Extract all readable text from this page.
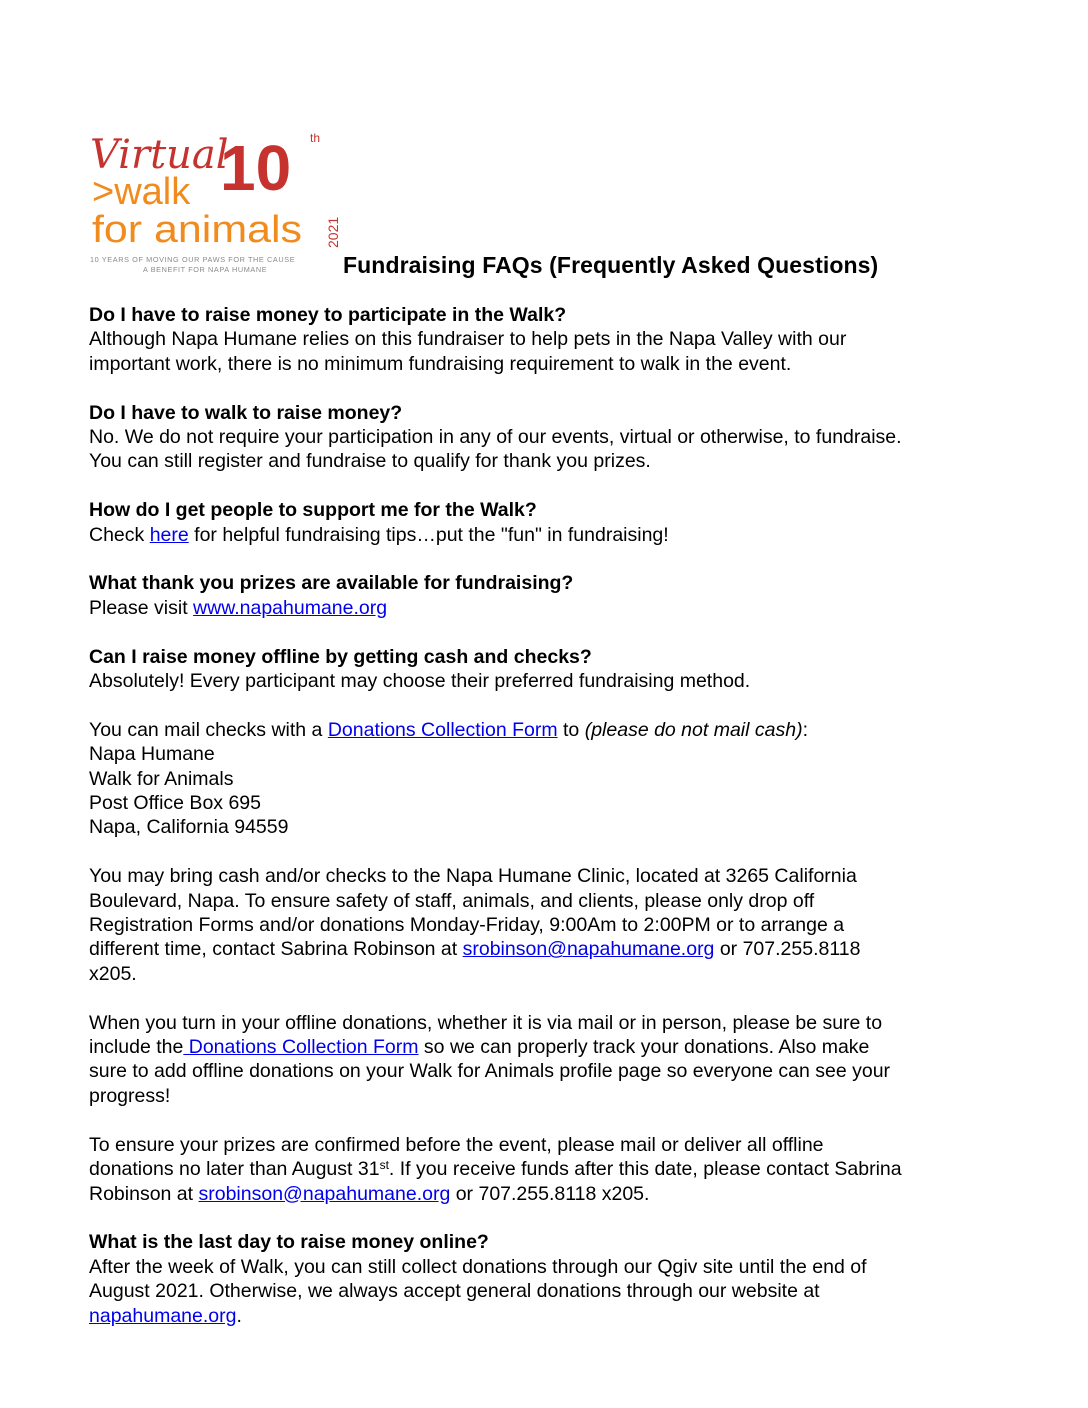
Virtual
>walk
for animals
10 th
2021
10 YEARS OF MOVING OUR PAWS FOR THE CAUSE
A BENEFIT FOR NAPA HUMANE	Fundraising FAQs (Frequently Asked Questions)

Do I have to raise money to participate in the Walk?

Although Napa Humane relies on this fundraiser to help pets in the Napa Valley with our

important work, there is no minimum fundraising requirement to walk in the event.

Do I have to walk to raise money?

No. We do not require your participation in any of our events, virtual or otherwise, to fundraise.

You can still register and fundraise to qualify for thank you prizes.

How do I get people to support me for the Walk?

Check here for helpful fundraising tips…put the "fun" in fundraising!

What thank you prizes are available for fundraising?

Please visit www.napahumane.org

Can I raise money offline by getting cash and checks?

Absolutely! Every participant may choose their preferred fundraising method.

You can mail checks with a Donations Collection Form to (please do not mail cash):

Napa Humane

Walk for Animals

Post Office Box 695

Napa, California 94559

You may bring cash and/or checks to the Napa Humane Clinic, located at 3265 California

Boulevard, Napa. To ensure safety of staff, animals, and clients, please only drop off

Registration Forms and/or donations Monday-Friday, 9:00Am to 2:00PM or to arrange a

different time, contact Sabrina Robinson at srobinson@napahumane.org or 707.255.8118

x205.

When you turn in your offline donations, whether it is via mail or in person, please be sure to

include the Donations Collection Form so we can properly track your donations. Also make

sure to add offline donations on your Walk for Animals profile page so everyone can see your

progress!

To ensure your prizes are confirmed before the event, please mail or deliver all offline

donations no later than August 31st. If you receive funds after this date, please contact Sabrina

Robinson at srobinson@napahumane.org or 707.255.8118 x205.

What is the last day to raise money online?

After the week of Walk, you can still collect donations through our Qgiv site until the end of

August 2021. Otherwise, we always accept general donations through our website at

napahumane.org.
